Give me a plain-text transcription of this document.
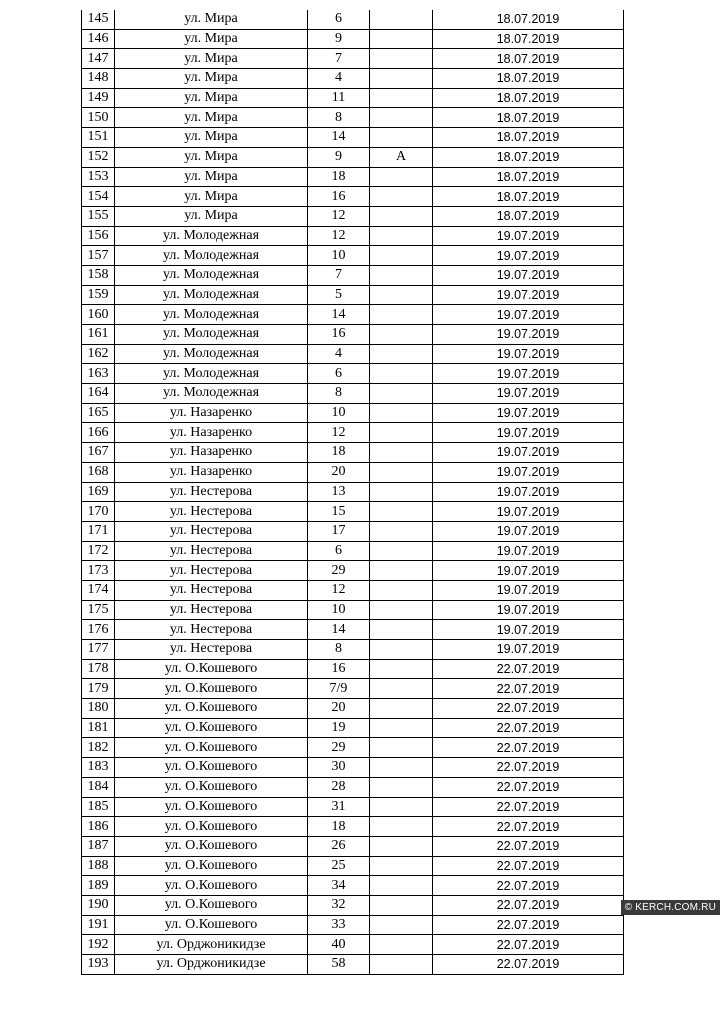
145	ул. Мира	6		18.07.2019
146	ул. Мира	9		18.07.2019
147	ул. Мира	7		18.07.2019
148	ул. Мира	4		18.07.2019
149	ул. Мира	11		18.07.2019
150	ул. Мира	8		18.07.2019
151	ул. Мира	14		18.07.2019
152	ул. Мира	9	А	18.07.2019
153	ул. Мира	18		18.07.2019
154	ул. Мира	16		18.07.2019
155	ул. Мира	12		18.07.2019
156	ул. Молодежная	12		19.07.2019
157	ул. Молодежная	10		19.07.2019
158	ул. Молодежная	7		19.07.2019
159	ул. Молодежная	5		19.07.2019
160	ул. Молодежная	14		19.07.2019
161	ул. Молодежная	16		19.07.2019
162	ул. Молодежная	4		19.07.2019
163	ул. Молодежная	6		19.07.2019
164	ул. Молодежная	8		19.07.2019
165	ул. Назаренко	10		19.07.2019
166	ул. Назаренко	12		19.07.2019
167	ул. Назаренко	18		19.07.2019
168	ул. Назаренко	20		19.07.2019
169	ул. Нестерова	13		19.07.2019
170	ул. Нестерова	15		19.07.2019
171	ул. Нестерова	17		19.07.2019
172	ул. Нестерова	6		19.07.2019
173	ул. Нестерова	29		19.07.2019
174	ул. Нестерова	12		19.07.2019
175	ул. Нестерова	10		19.07.2019
176	ул. Нестерова	14		19.07.2019
177	ул. Нестерова	8		19.07.2019
178	ул. О.Кошевого	16		22.07.2019
179	ул. О.Кошевого	7/9		22.07.2019
180	ул. О.Кошевого	20		22.07.2019
181	ул. О.Кошевого	19		22.07.2019
182	ул. О.Кошевого	29		22.07.2019
183	ул. О.Кошевого	30		22.07.2019
184	ул. О.Кошевого	28		22.07.2019
185	ул. О.Кошевого	31		22.07.2019
186	ул. О.Кошевого	18		22.07.2019
187	ул. О.Кошевого	26		22.07.2019
188	ул. О.Кошевого	25		22.07.2019
189	ул. О.Кошевого	34		22.07.2019
190	ул. О.Кошевого	32		22.07.2019
191	ул. О.Кошевого	33		22.07.2019
192	ул. Орджоникидзе	40		22.07.2019
193	ул. Орджоникидзе	58		22.07.2019
© KERCH.COM.RU
